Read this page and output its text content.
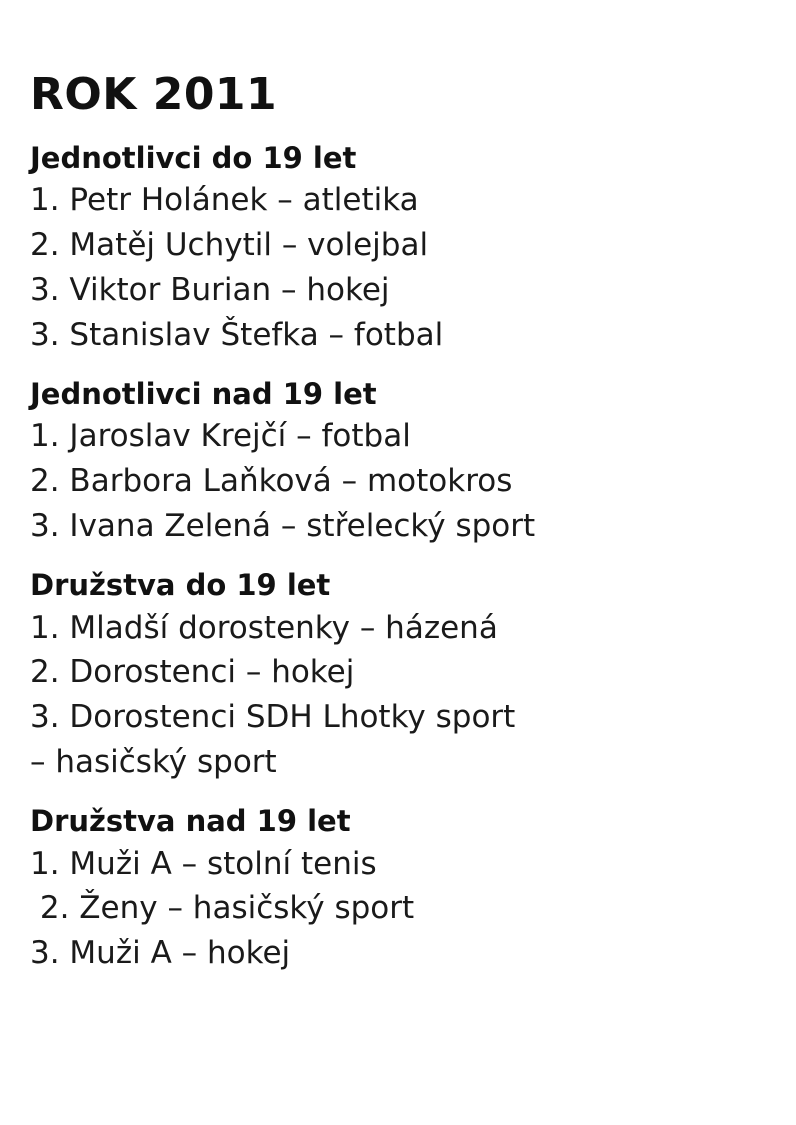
ROK 2011
Jednotlivci do 19 let

1. Petr Holánek – atletika

2. Matěj Uchytil – volejbal

3. Viktor Burian – hokej

3. Stanislav Štefka – fotbal

Jednotlivci nad 19 let

1. Jaroslav Krejčí – fotbal

2. Barbora Laňková – motokros

3. Ivana Zelená – střelecký sport

Družstva do 19 let

1. Mladší dorostenky – házená

2. Dorostenci – hokej

3. Dorostenci SDH Lhotky sport
– hasičský sport

Družstva nad 19 let

1. Muži A – stolní tenis

2. Ženy – hasičský sport

3. Muži A – hokej
